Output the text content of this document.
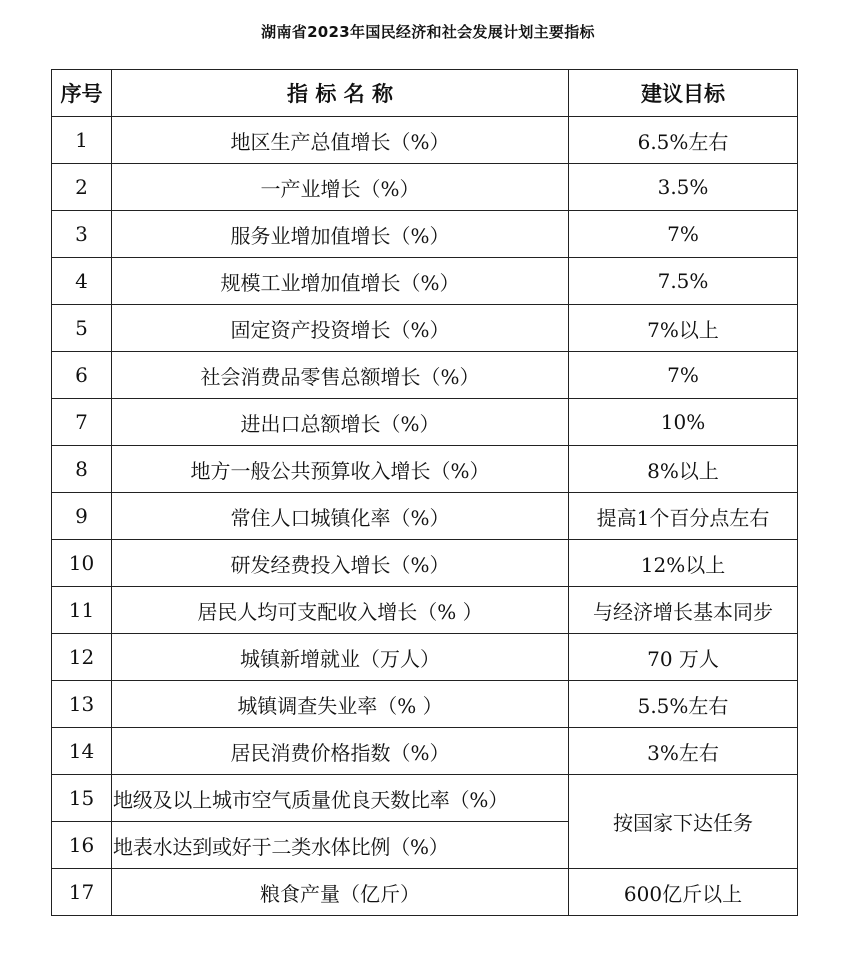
湖南省2023年国民经济和社会发展计划主要指标
序号	指 标 名 称	建议目标
1	地区生产总值增长（%）	6.5%左右
2	一产业增长（%）	3.5%
3	服务业增加值增长（%）	7%
4	规模工业增加值增长（%）	7.5%
5	固定资产投资增长（%）	7%以上
6	社会消费品零售总额增长（%）	7%
7	进出口总额增长（%）	10%
8	地方一般公共预算收入增长（%）	8%以上
9	常住人口城镇化率（%）	提高1个百分点左右
10	研发经费投入增长（%）	12%以上
11	居民人均可支配收入增长（% ）	与经济增长基本同步
12	城镇新增就业（万人）	70 万人
13	城镇调查失业率（% ）	5.5%左右
14	居民消费价格指数（%）	3%左右
15	地级及以上城市空气质量优良天数比率（%）	按国家下达任务
16	地表水达到或好于二类水体比例（%）	
17	粮食产量（亿斤）	600亿斤以上
